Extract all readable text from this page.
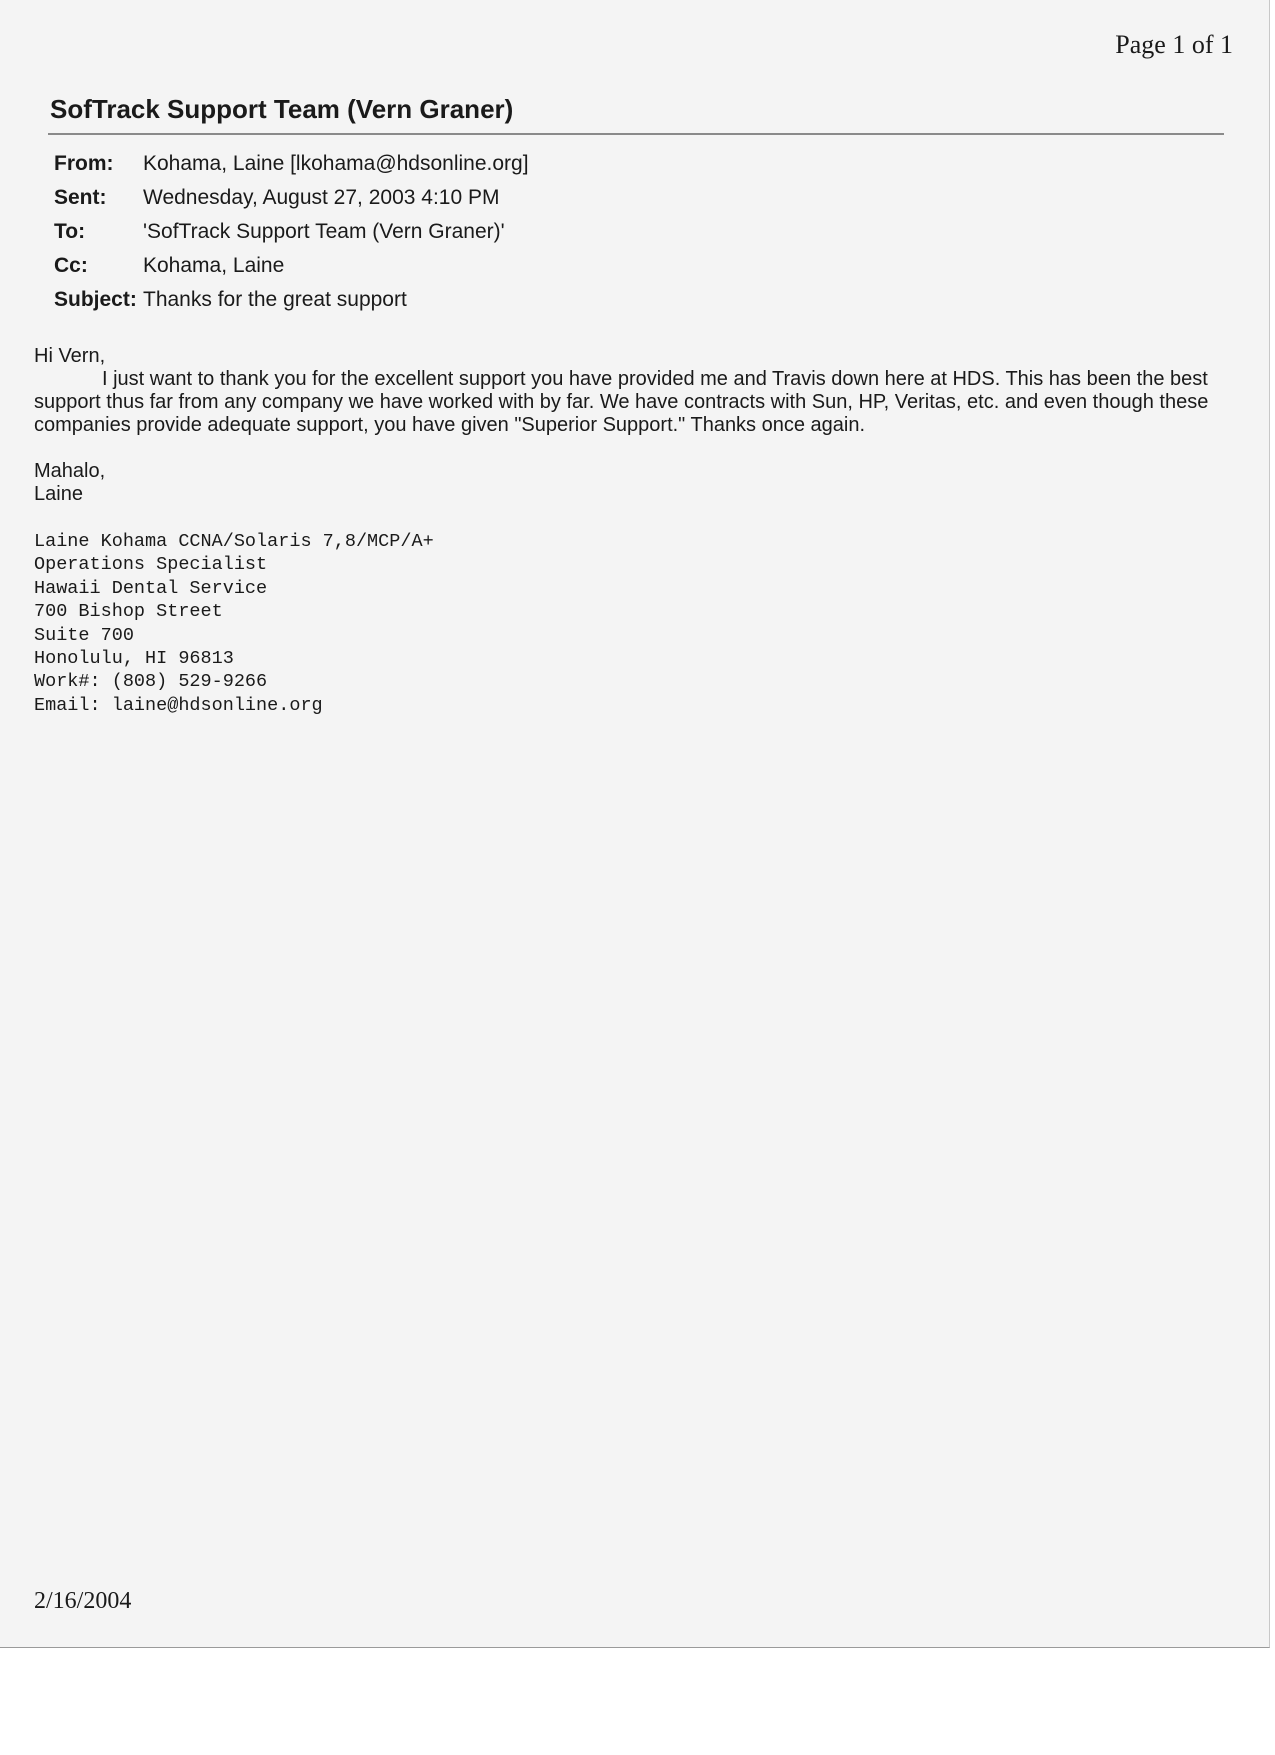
Page 1 of 1
SofTrack Support Team (Vern Graner)
From:	Kohama, Laine [lkohama@hdsonline.org]
Sent:	Wednesday, August 27, 2003 4:10 PM
To:	'SofTrack Support Team (Vern Graner)'
Cc:	Kohama, Laine
Subject: Thanks for the great support

Hi Vern,

I just want to thank you for the excellent support you have provided me and Travis down here at HDS. This has been the best support thus far from any company we have worked with by far. We have contracts with Sun, HP, Veritas, etc. and even though these companies provide adequate support, you have given "Superior Support." Thanks once again.

Mahalo,

Laine

Laine Kohama CCNA/Solaris 7,8/MCP/A+
Operations Specialist
Hawaii Dental Service
700 Bishop Street
Suite 700
Honolulu, HI 96813
Work#: (808) 529-9266
Email: laine@hdsonline.org
2/16/2004
